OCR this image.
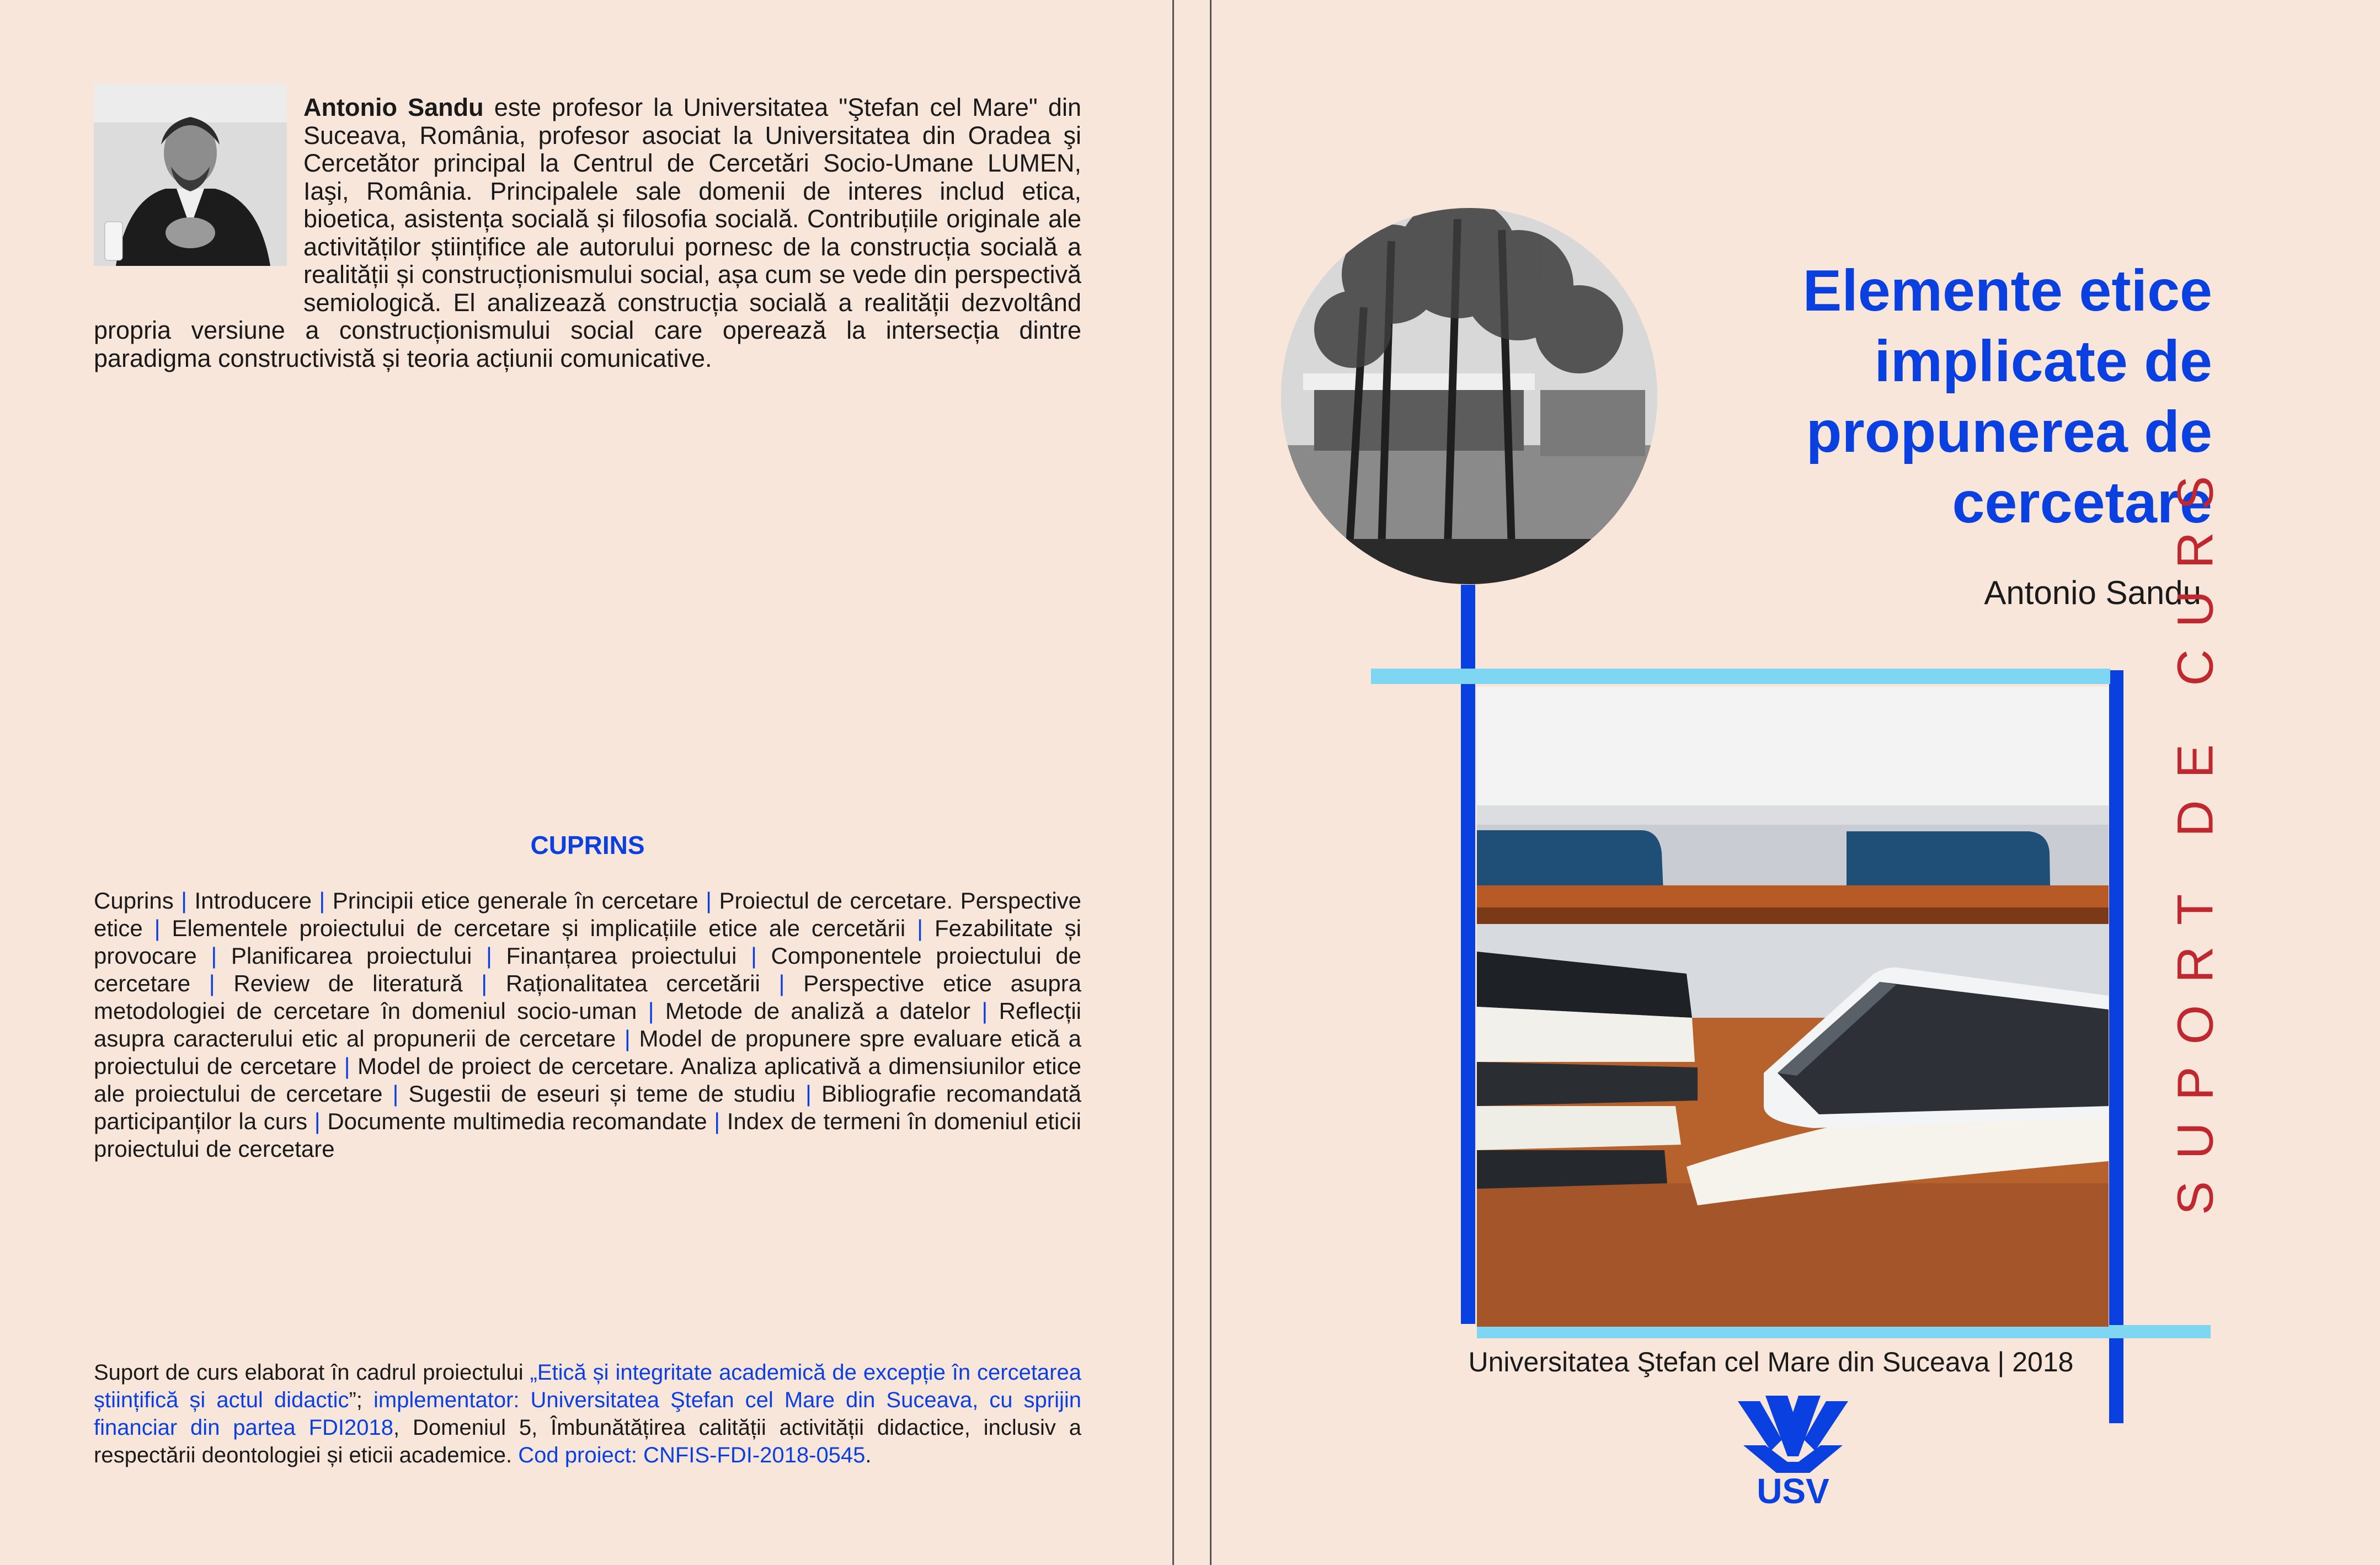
Antonio Sandu este profesor la Universitatea "Ştefan cel Mare" din Suceava, România, profesor asociat la Universitatea din Oradea şi Cercetător principal la Centrul de Cercetări Socio-Umane LUMEN, Iaşi, România. Principalele sale domenii de interes includ etica, bioetica, asistența socială și filosofia socială. Contribuțiile originale ale activităților științifice ale autorului pornesc de la construcția socială a realității și construcționismului social, așa cum se vede din perspectivă semiologică. El analizează construcția socială a realității dezvoltând propria versiune a construcționismului social care operează la intersecția dintre paradigma constructivistă și teoria acțiunii comunicative.
CUPRINS
Cuprins | Introducere | Principii etice generale în cercetare | Proiectul de cercetare. Perspective etice | Elementele proiectului de cercetare și implicațiile etice ale cercetării | Fezabilitate și provocare | Planificarea proiectului | Finanțarea proiectului | Componentele proiectului de cercetare | Review de literatură | Raționalitatea cercetării | Perspective etice asupra metodologiei de cercetare în domeniul socio-uman | Metode de analiză a datelor | Reflecții asupra caracterului etic al propunerii de cercetare | Model de propunere spre evaluare etică a proiectului de cercetare | Model de proiect de cercetare. Analiza aplicativă a dimensiunilor etice ale proiectului de cercetare | Sugestii de eseuri și teme de studiu | Bibliografie recomandată participanților la curs | Documente multimedia recomandate | Index de termeni în domeniul eticii proiectului de cercetare
Suport de curs elaborat în cadrul proiectului „Etică și integritate academică de excepție în cercetarea științifică și actul didactic”; implementator: Universitatea Ştefan cel Mare din Suceava, cu sprijin financiar din partea FDI2018, Domeniul 5, Îmbunătățirea calității activității didactice, inclusiv a respectării deontologiei și eticii academice. Cod proiect: CNFIS-FDI-2018-0545.
Elemente etice
implicate de
propunerea de
cercetare
Antonio Sandu
SUPORT DE CURS
Universitatea Ştefan cel Mare din Suceava | 2018
USV
